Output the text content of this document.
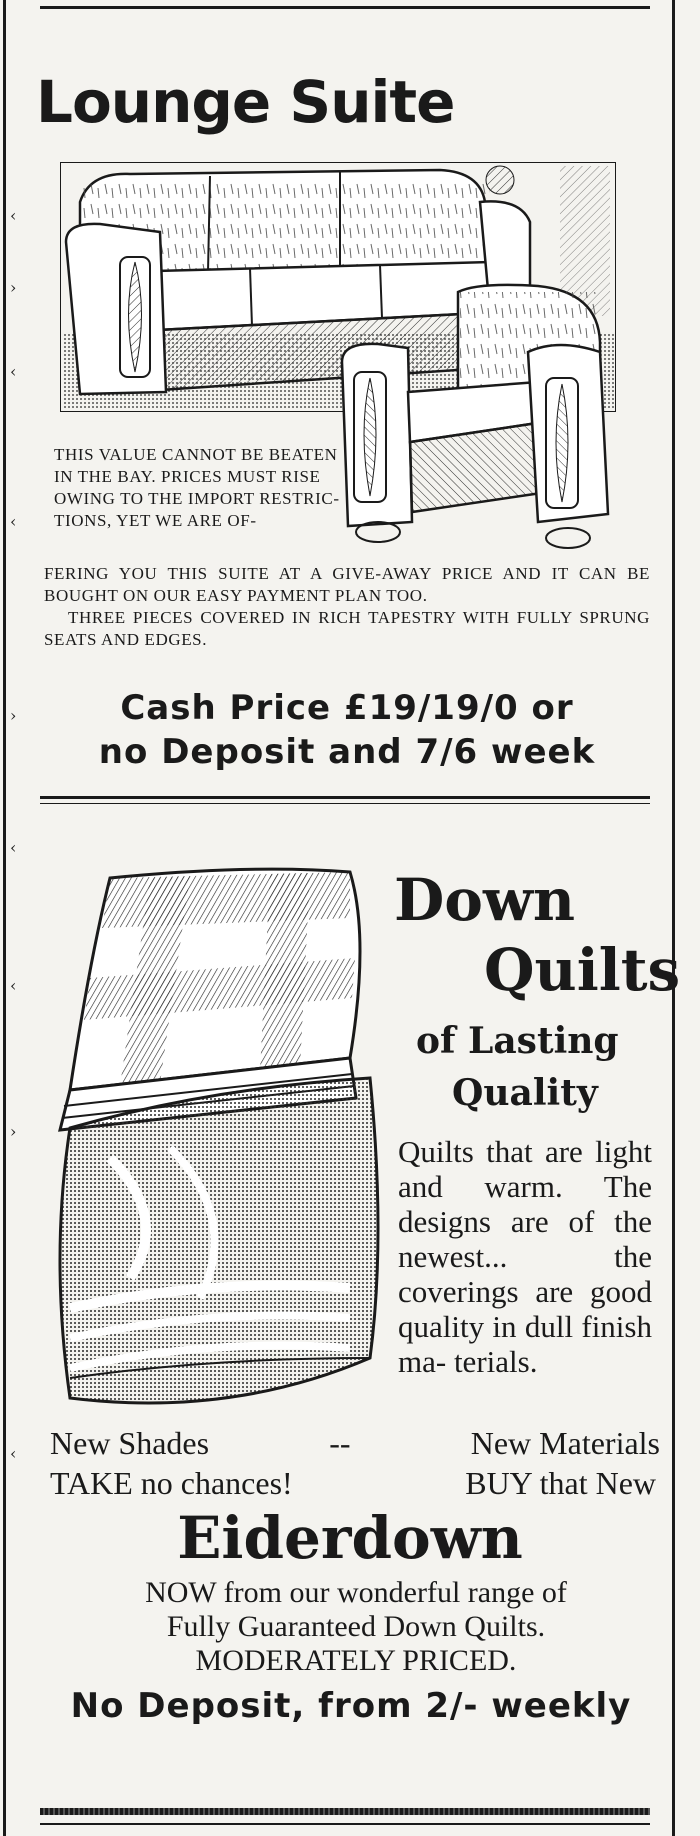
‹
›
‹
‹
›
‹
‹
›
‹
Lounge Suite
THIS VALUE CANNOT BE BEATEN IN THE BAY. PRICES MUST RISE OWING TO THE IMPORT RESTRIC- TIONS, YET WE ARE OF-
FERING YOU THIS SUITE AT A GIVE-AWAY PRICE AND IT CAN BE BOUGHT ON OUR EASY PAYMENT PLAN TOO.
THREE PIECES COVERED IN RICH TAPESTRY WITH FULLY SPRUNG SEATS AND EDGES.
Cash Price £19/19/0 or
no Deposit and 7/6 week
Down
Quilts
of Lasting
Quality
Quilts that are light and warm. The designs are of the newest... the coverings are good quality in dull finish ma- terials.
New Shades	--	New Materials
TAKE no chances!	BUY that New
Eiderdown
NOW from our wonderful range of
Fully Guaranteed Down Quilts.
MODERATELY PRICED.
No Deposit, from 2/- weekly
